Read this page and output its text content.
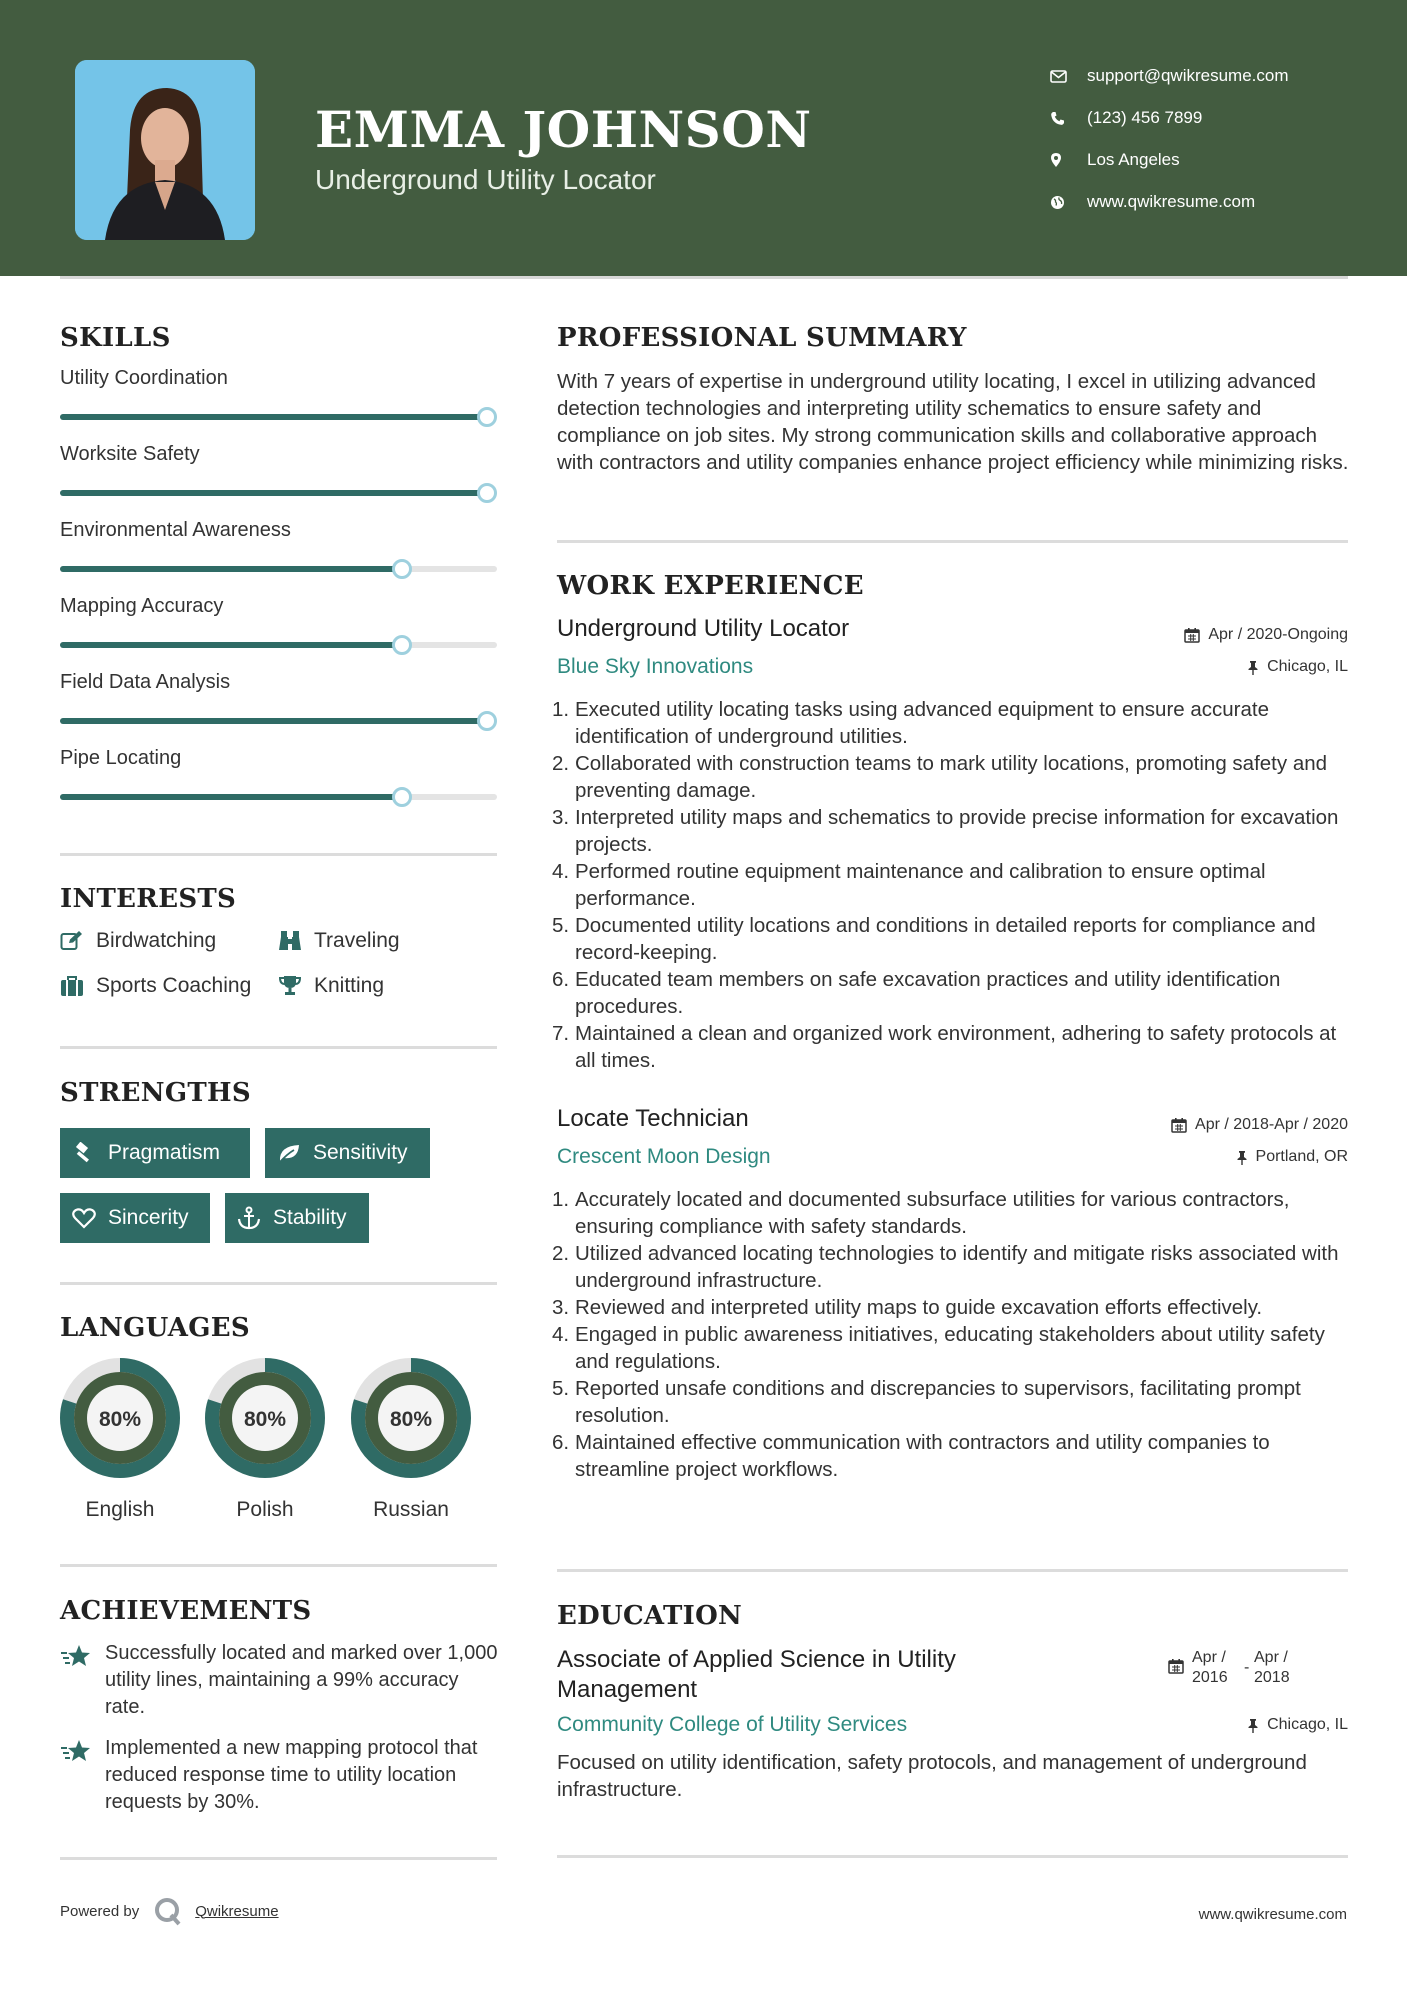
EMMA JOHNSON
Underground Utility Locator
support@qwikresume.com
(123) 456 7899
Los Angeles
www.qwikresume.com
SKILLS
Utility Coordination
Worksite Safety
Environmental Awareness
Mapping Accuracy
Field Data Analysis
Pipe Locating
INTERESTS
Birdwatching	Traveling
Sports Coaching	Knitting
STRENGTHS
Pragmatism	Sensitivity
Sincerity	Stability
LANGUAGES
80%
English
80%
Polish
80%
Russian
ACHIEVEMENTS
Successfully located and marked over 1,000 utility lines, maintaining a 99% accuracy rate.
Implemented a new mapping protocol that reduced response time to utility location requests by 30%.
PROFESSIONAL SUMMARY
With 7 years of expertise in underground utility locating, I excel in utilizing advanced detection technologies and interpreting utility schematics to ensure safety and compliance on job sites. My strong communication skills and collaborative approach with contractors and utility companies enhance project efficiency while minimizing risks.
WORK EXPERIENCE
Underground Utility Locator	Apr / 2020-Ongoing
Blue Sky Innovations	Chicago, IL
1. Executed utility locating tasks using advanced equipment to ensure accurate identification of underground utilities.
2. Collaborated with construction teams to mark utility locations, promoting safety and preventing damage.
3. Interpreted utility maps and schematics to provide precise information for excavation projects.
4. Performed routine equipment maintenance and calibration to ensure optimal performance.
5. Documented utility locations and conditions in detailed reports for compliance and record-keeping.
6. Educated team members on safe excavation practices and utility identification procedures.
7. Maintained a clean and organized work environment, adhering to safety protocols at all times.
Locate Technician	Apr / 2018-Apr / 2020
Crescent Moon Design	Portland, OR
1. Accurately located and documented subsurface utilities for various contractors, ensuring compliance with safety standards.
2. Utilized advanced locating technologies to identify and mitigate risks associated with underground infrastructure.
3. Reviewed and interpreted utility maps to guide excavation efforts effectively.
4. Engaged in public awareness initiatives, educating stakeholders about utility safety and regulations.
5. Reported unsafe conditions and discrepancies to supervisors, facilitating prompt resolution.
6. Maintained effective communication with contractors and utility companies to streamline project workflows.
EDUCATION
Associate of Applied Science in Utility
Management
Apr /
2016
-
Apr /
2018
Community College of Utility Services	Chicago, IL
Focused on utility identification, safety protocols, and management of underground infrastructure.
Powered by	Qwikresume	www.qwikresume.com
